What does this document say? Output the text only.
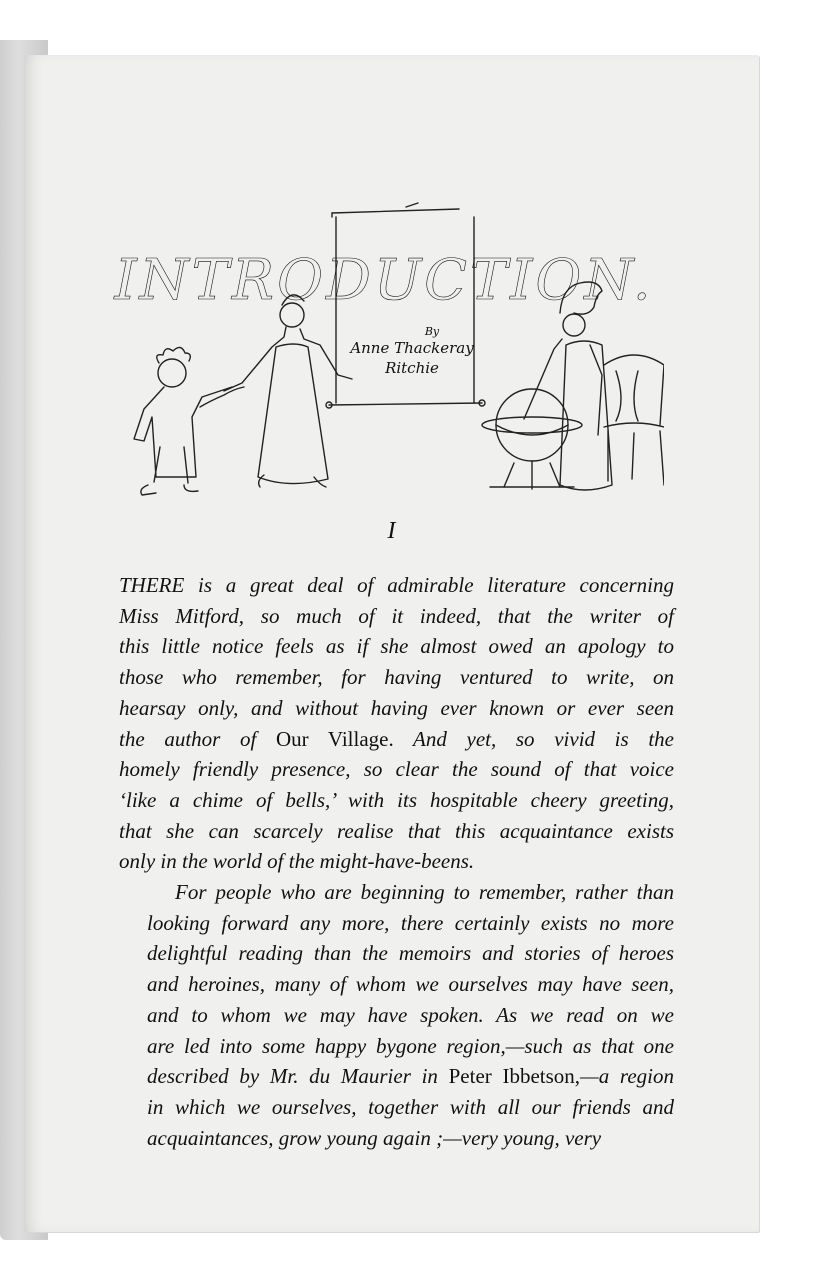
INTRODUCTION.
By
Anne Thackeray
Ritchie
I

THERE is a great deal of admirable literature concerning
Miss Mitford, so much of it indeed, that the writer of
this little notice feels as if she almost owed an apology to
those who remember, for having ventured to write, on
hearsay only, and without having ever known or ever seen
the author of Our Village. And yet, so vivid is the
homely friendly presence, so clear the sound of that voice
‘like a chime of bells,’ with its hospitable cheery greeting,
that she can scarcely realise that this acquaintance exists
only in the world of the might-have-beens.

For people who are beginning to remember, rather than
looking forward any more, there certainly exists no more
delightful reading than the memoirs and stories of heroes
and heroines, many of whom we ourselves may have seen,
and to whom we may have spoken. As we read on we
are led into some happy bygone region,—such as that one
described by Mr. du Maurier in Peter Ibbetson,—a region
in which we ourselves, together with all our friends and
acquaintances, grow young again ;—very young, very
